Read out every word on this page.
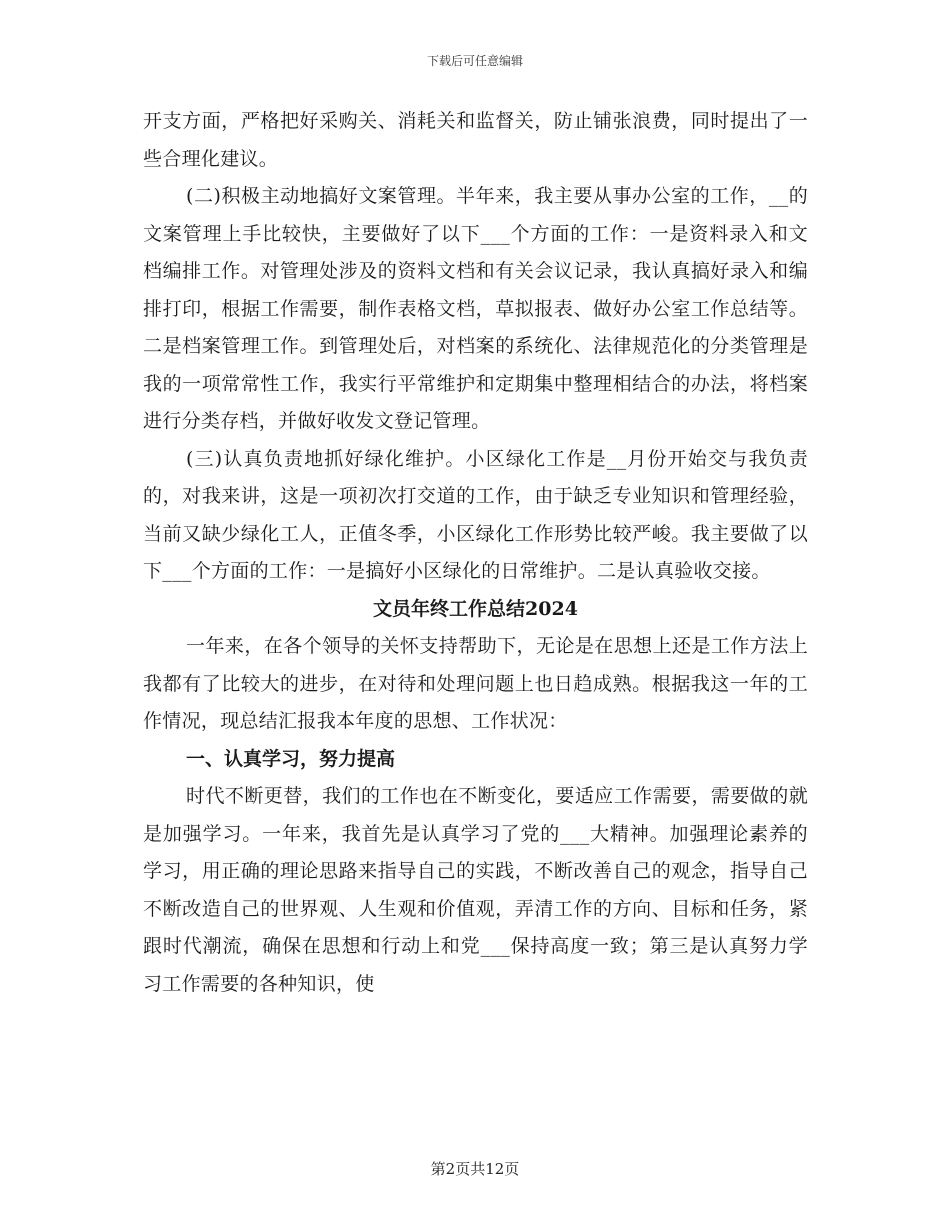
下载后可任意编辑

开支方面，严格把好采购关、消耗关和监督关，防止铺张浪费，同时提出了一些合理化建议。

(二)积极主动地搞好文案管理。半年来，我主要从事办公室的工作，__的文案管理上手比较快，主要做好了以下___个方面的工作：一是资料录入和文档编排工作。对管理处涉及的资料文档和有关会议记录，我认真搞好录入和编排打印，根据工作需要，制作表格文档，草拟报表、做好办公室工作总结等。二是档案管理工作。到管理处后，对档案的系统化、法律规范化的分类管理是我的一项常常性工作，我实行平常维护和定期集中整理相结合的办法，将档案进行分类存档，并做好收发文登记管理。

(三)认真负责地抓好绿化维护。小区绿化工作是__月份开始交与我负责的，对我来讲，这是一项初次打交道的工作，由于缺乏专业知识和管理经验，当前又缺少绿化工人，正值冬季，小区绿化工作形势比较严峻。我主要做了以下___个方面的工作：一是搞好小区绿化的日常维护。二是认真验收交接。

文员年终工作总结2024

一年来，在各个领导的关怀支持帮助下，无论是在思想上还是工作方法上我都有了比较大的进步，在对待和处理问题上也日趋成熟。根据我这一年的工作情况，现总结汇报我本年度的思想、工作状况：

一、认真学习，努力提高

时代不断更替，我们的工作也在不断变化，要适应工作需要，需要做的就是加强学习。一年来，我首先是认真学习了党的___大精神。加强理论素养的学习，用正确的理论思路来指导自己的实践，不断改善自己的观念，指导自己不断改造自己的世界观、人生观和价值观，弄清工作的方向、目标和任务，紧跟时代潮流，确保在思想和行动上和党___保持高度一致；第三是认真努力学习工作需要的各种知识，使

第2页共12页
